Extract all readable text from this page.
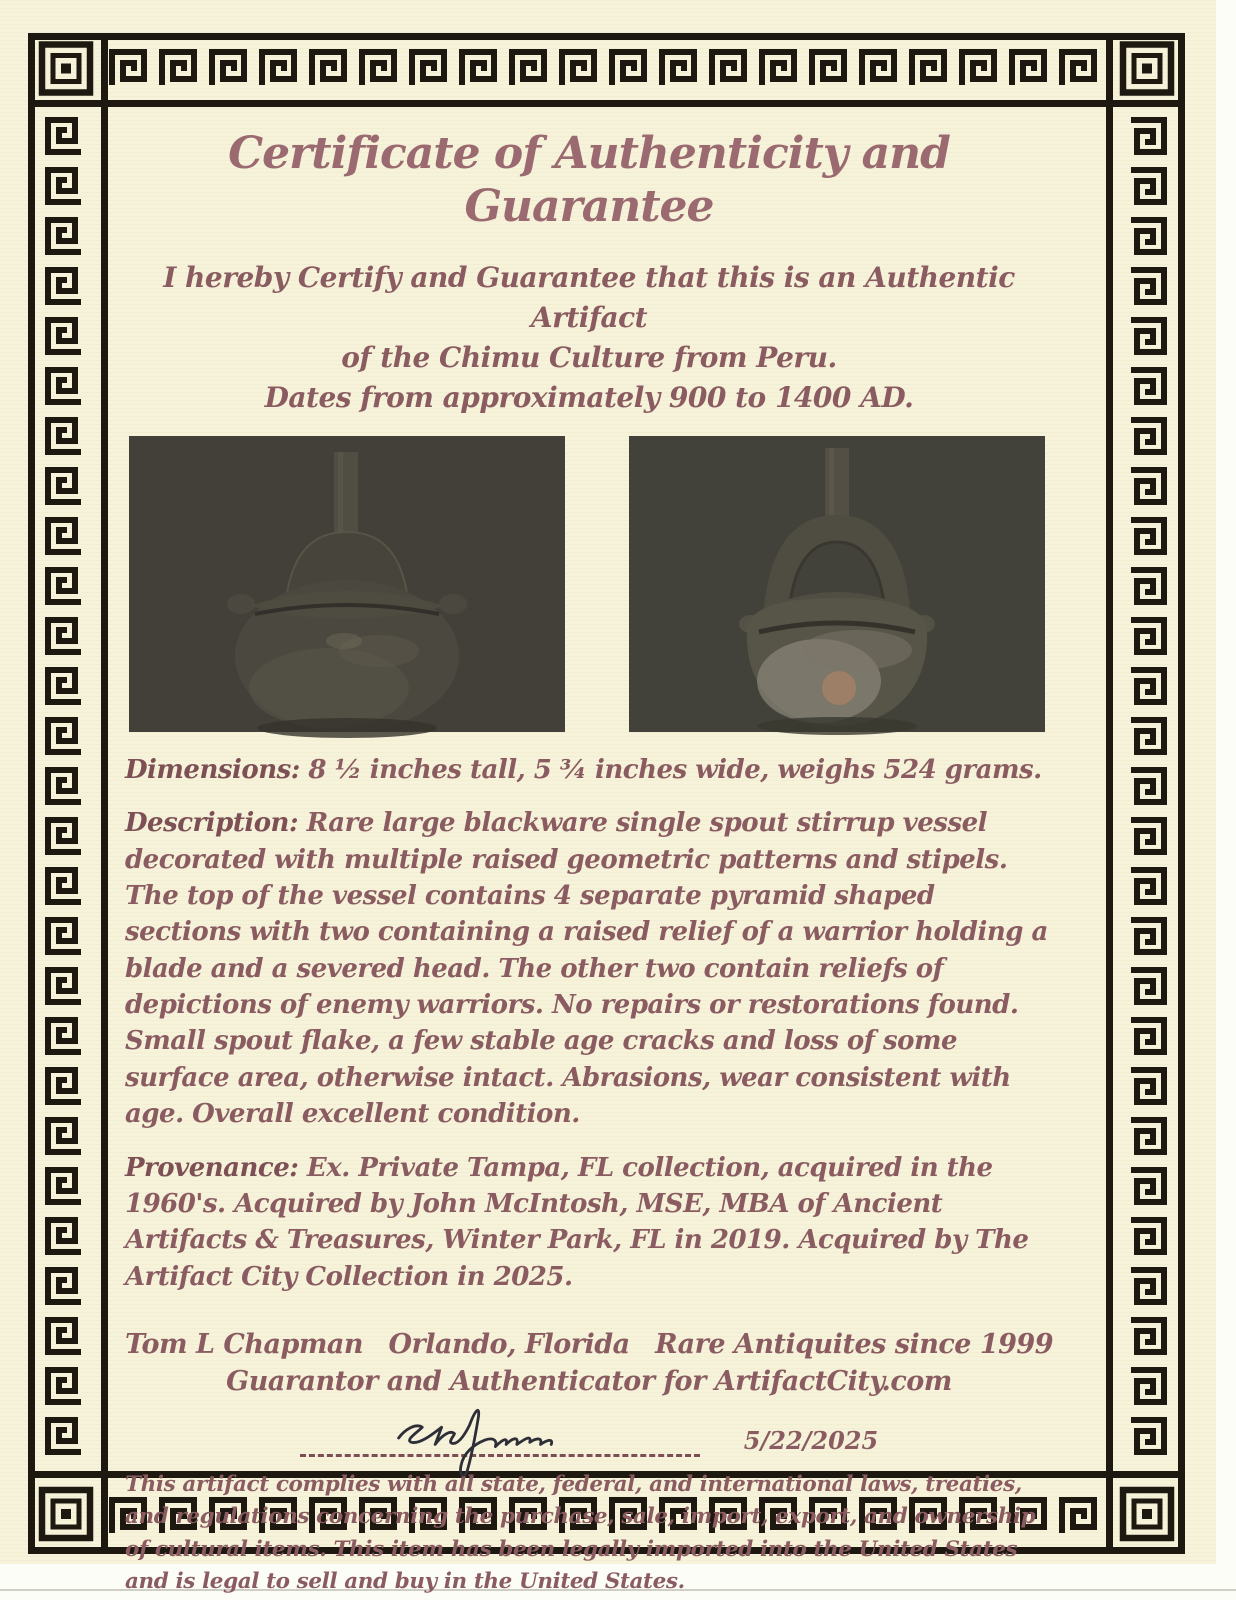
Certificate of Authenticity and Guarantee
I hereby Certify and Guarantee that this is an Authentic Artifact
of the Chimu Culture from Peru.
Dates from approximately 900 to 1400 AD.

Dimensions: 8 ½ inches tall, 5 ¾ inches wide, weighs 524 grams.

Description: Rare large blackware single spout stirrup vessel decorated with multiple raised geometric patterns and stipels. The top of the vessel contains 4 separate pyramid shaped sections with two containing a raised relief of a warrior holding a blade and a severed head. The other two contain reliefs of depictions of enemy warriors. No repairs or restorations found. Small spout flake, a few stable age cracks and loss of some surface area, otherwise intact. Abrasions, wear consistent with age. Overall excellent condition.

Provenance: Ex. Private Tampa, FL collection, acquired in the 1960's. Acquired by John McIntosh, MSE, MBA of Ancient Artifacts & Treasures, Winter Park, FL in 2019. Acquired by The Artifact City Collection in 2025.

Tom L Chapman Orlando, Florida Rare Antiquites since 1999
Guarantor and Authenticator for ArtifactCity.com
5/22/2025

This artifact complies with all state, federal, and international laws, treaties, and regulations concerning the purchase, sale, import, export, and ownership of cultural items. This item has been legally imported into the United States and is legal to sell and buy in the United States.
